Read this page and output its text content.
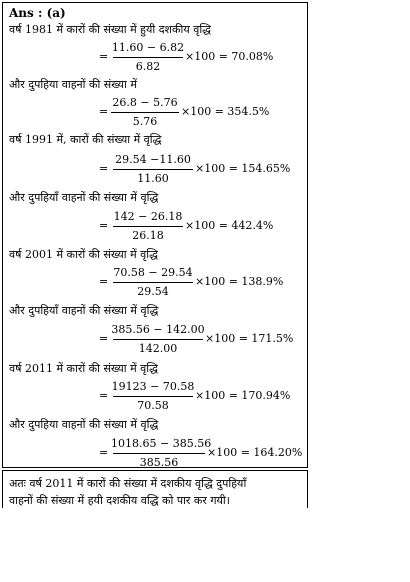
Ans : (a)
वर्ष 1981 में कारों की संख्या में हुयी दशकीय वृद्धि
=
11.60 − 6.82
6.82
×100 = 70.08%
और दुपहिया वाहनों की संख्या में
=
26.8 − 5.76
5.76
×100 = 354.5%
वर्ष 1991 में, कारों की संख्या में वृद्धि
=
29.54 −11.60
11.60
×100 = 154.65%
और दुपहियाँ वाहनों की संख्या में वृद्धि
=
142 − 26.18
26.18
×100 = 442.4%
वर्ष 2001 में कारों की संख्या में वृद्धि
=
70.58 − 29.54
29.54
×100 = 138.9%
और दुपहियाँ वाहनों की संख्या में वृद्धि
=
385.56 − 142.00
142.00
×100 = 171.5%
वर्ष 2011 में कारों की संख्या में वृद्धि
=
19123 − 70.58
70.58
×100 = 170.94%
और दुपहिया वाहनों की संख्या में वृद्धि
=
1018.65 − 385.56
385.56
×100 = 164.20%
अतः वर्ष 2011 में कारों की संख्या में दशकीय वृद्धि दुपहियाँ
वाहनों की संख्या में हयी दशकीय वद्धि को पार कर गयी।
